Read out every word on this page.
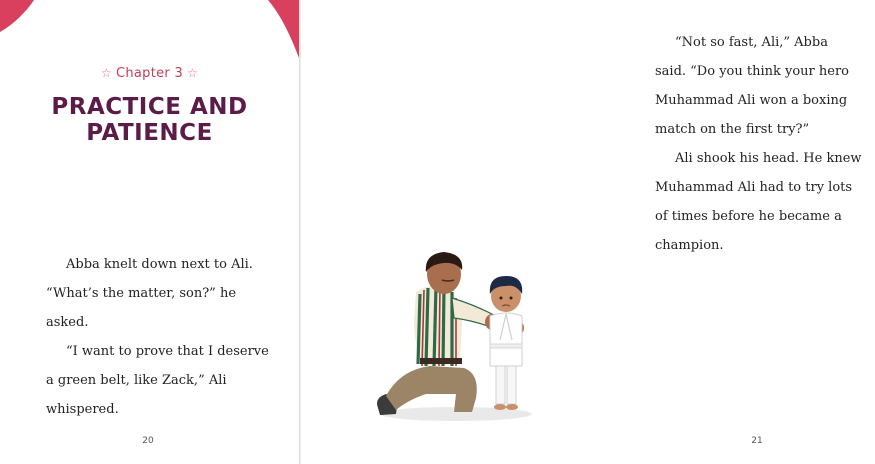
☆ Chapter 3 ☆
PRACTICE AND
PATIENCE

Abba knelt down next to Ali.

“What’s the matter, son?” he

asked.

“I want to prove that I deserve

a green belt, like Zack,” Ali

whispered.

20

“Not so fast, Ali,” Abba

said. “Do you think your hero

Muhammad Ali won a boxing

match on the first try?”

Ali shook his head. He knew

Muhammad Ali had to try lots

of times before he became a

champion.

21
